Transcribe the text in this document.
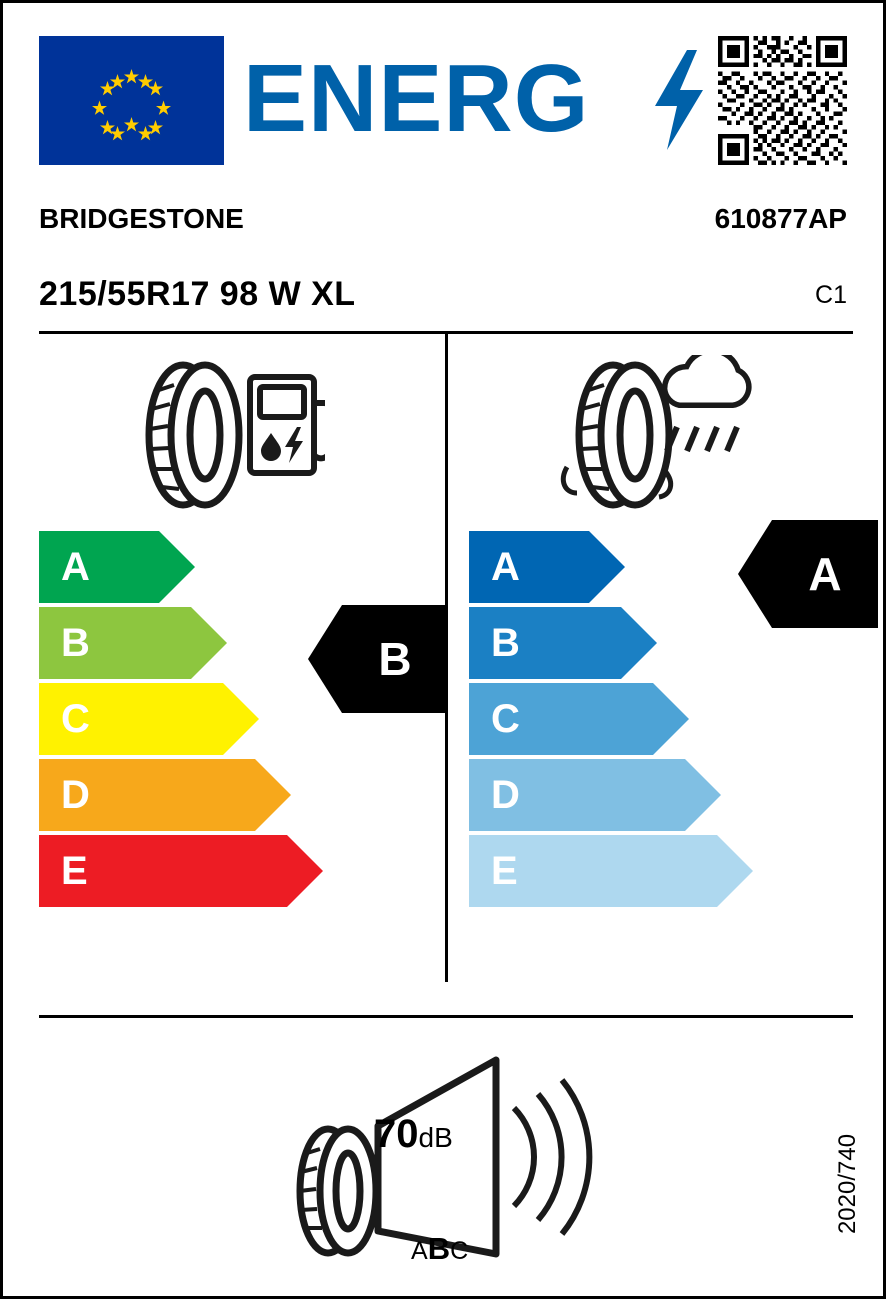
ENERG
BRIDGESTONE	610877AP
215/55R17 98 W XL	C1
A
B
C
D
E
A
B
C
D
E
B
A
70dB
ABC
2020/740
